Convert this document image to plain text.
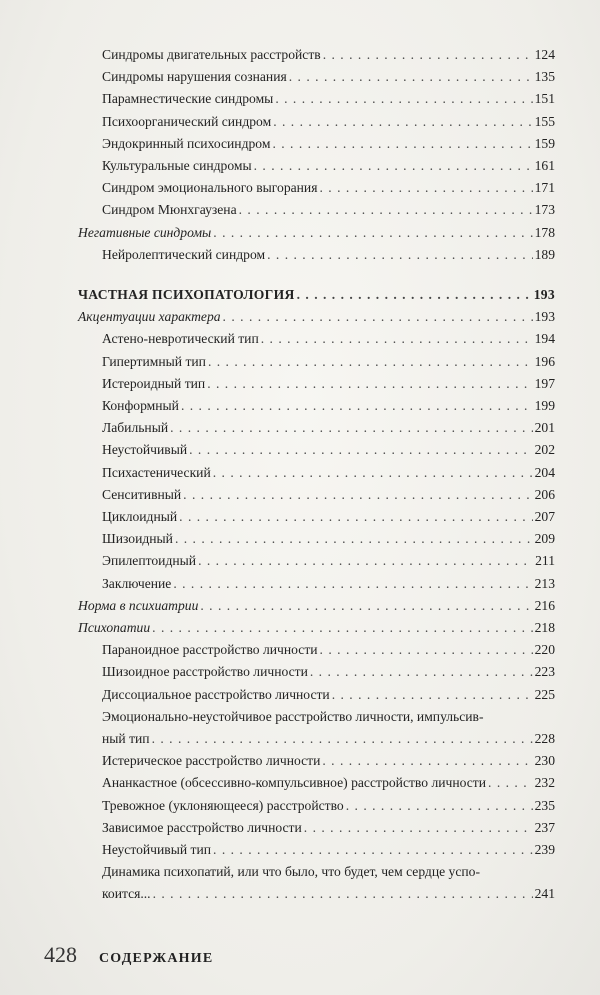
Синдромы двигательных расстройств . . .	124
Синдромы нарушения сознания . . .	135
Парамнестические синдромы . . .	151
Психоорганический синдром . . .	155
Эндокринный психосиндром . . .	159
Культуральные синдромы . . .	161
Синдром эмоционального выгорания . . .	171
Синдром Мюнхгаузена . . .	173
Негативные синдромы . . .	178
Нейролептический синдром . . .	189
ЧАСТНАЯ ПСИХОПАТОЛОГИЯ . . .	193
Акцентуации характера . . .	193
Астено-невротический тип . . .	194
Гипертимный тип . . .	196
Истероидный тип . . .	197
Конформный . . .	199
Лабильный . . .	201
Неустойчивый . . .	202
Психастенический . . .	204
Сенситивный . . .	206
Циклоидный . . .	207
Шизоидный . . .	209
Эпилептоидный . . .	211
Заключение . . .	213
Норма в психиатрии . . .	216
Психопатии . . .	218
Параноидное расстройство личности . . .	220
Шизоидное расстройство личности . . .	223
Диссоциальное расстройство личности . . .	225
Эмоционально-неустойчивое расстройство личности, импульсив-
ный тип . . .	228
Истерическое расстройство личности . . .	230
Ананкастное (обсессивно-компульсивное) расстройство личности . . .	232
Тревожное (уклоняющееся) расстройство . . .	235
Зависимое расстройство личности . . .	237
Неустойчивый тип . . .	239
Динамика психопатий, или что было, что будет, чем сердце успо-
коится... . . .	241
428 СОДЕРЖАНИЕ
